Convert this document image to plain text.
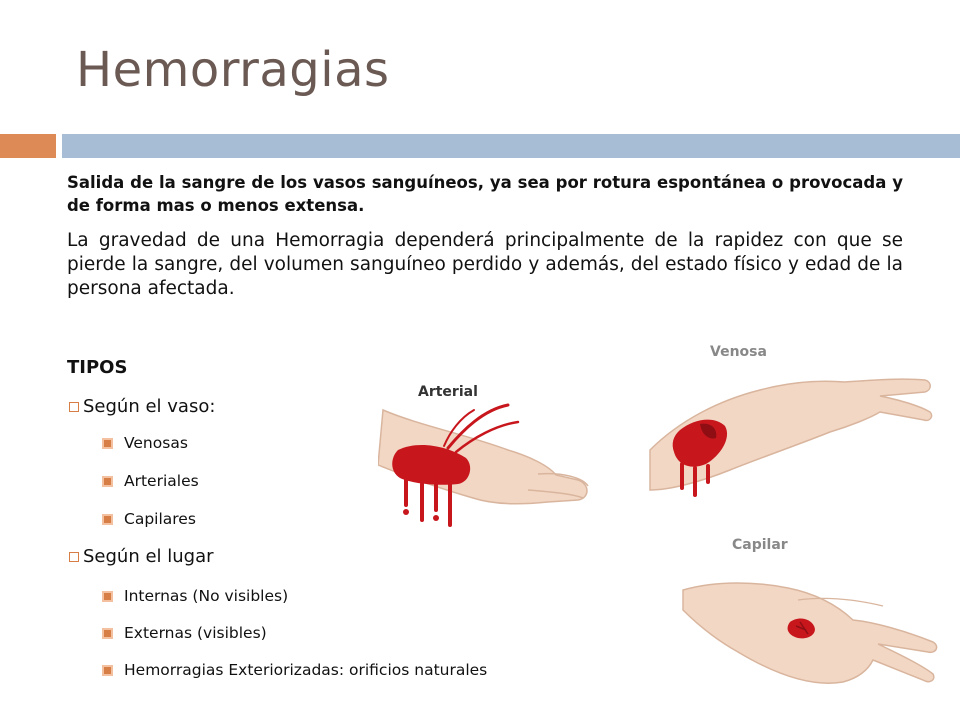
Hemorragias

Salida de la sangre de los vasos sanguíneos, ya sea por rotura espontánea o provocada y de forma mas o menos extensa.

La gravedad de una Hemorragia dependerá principalmente de la rapidez con que se pierde la sangre, del volumen sanguíneo perdido y además, del estado físico y edad de la persona afectada.

TIPOS

Según el vaso:
Venosas
Arteriales
Capilares
Según el lugar
Internas (No visibles)
Externas (visibles)
Hemorragias Exteriorizadas: orificios naturales
Arterial
Venosa
Capilar
